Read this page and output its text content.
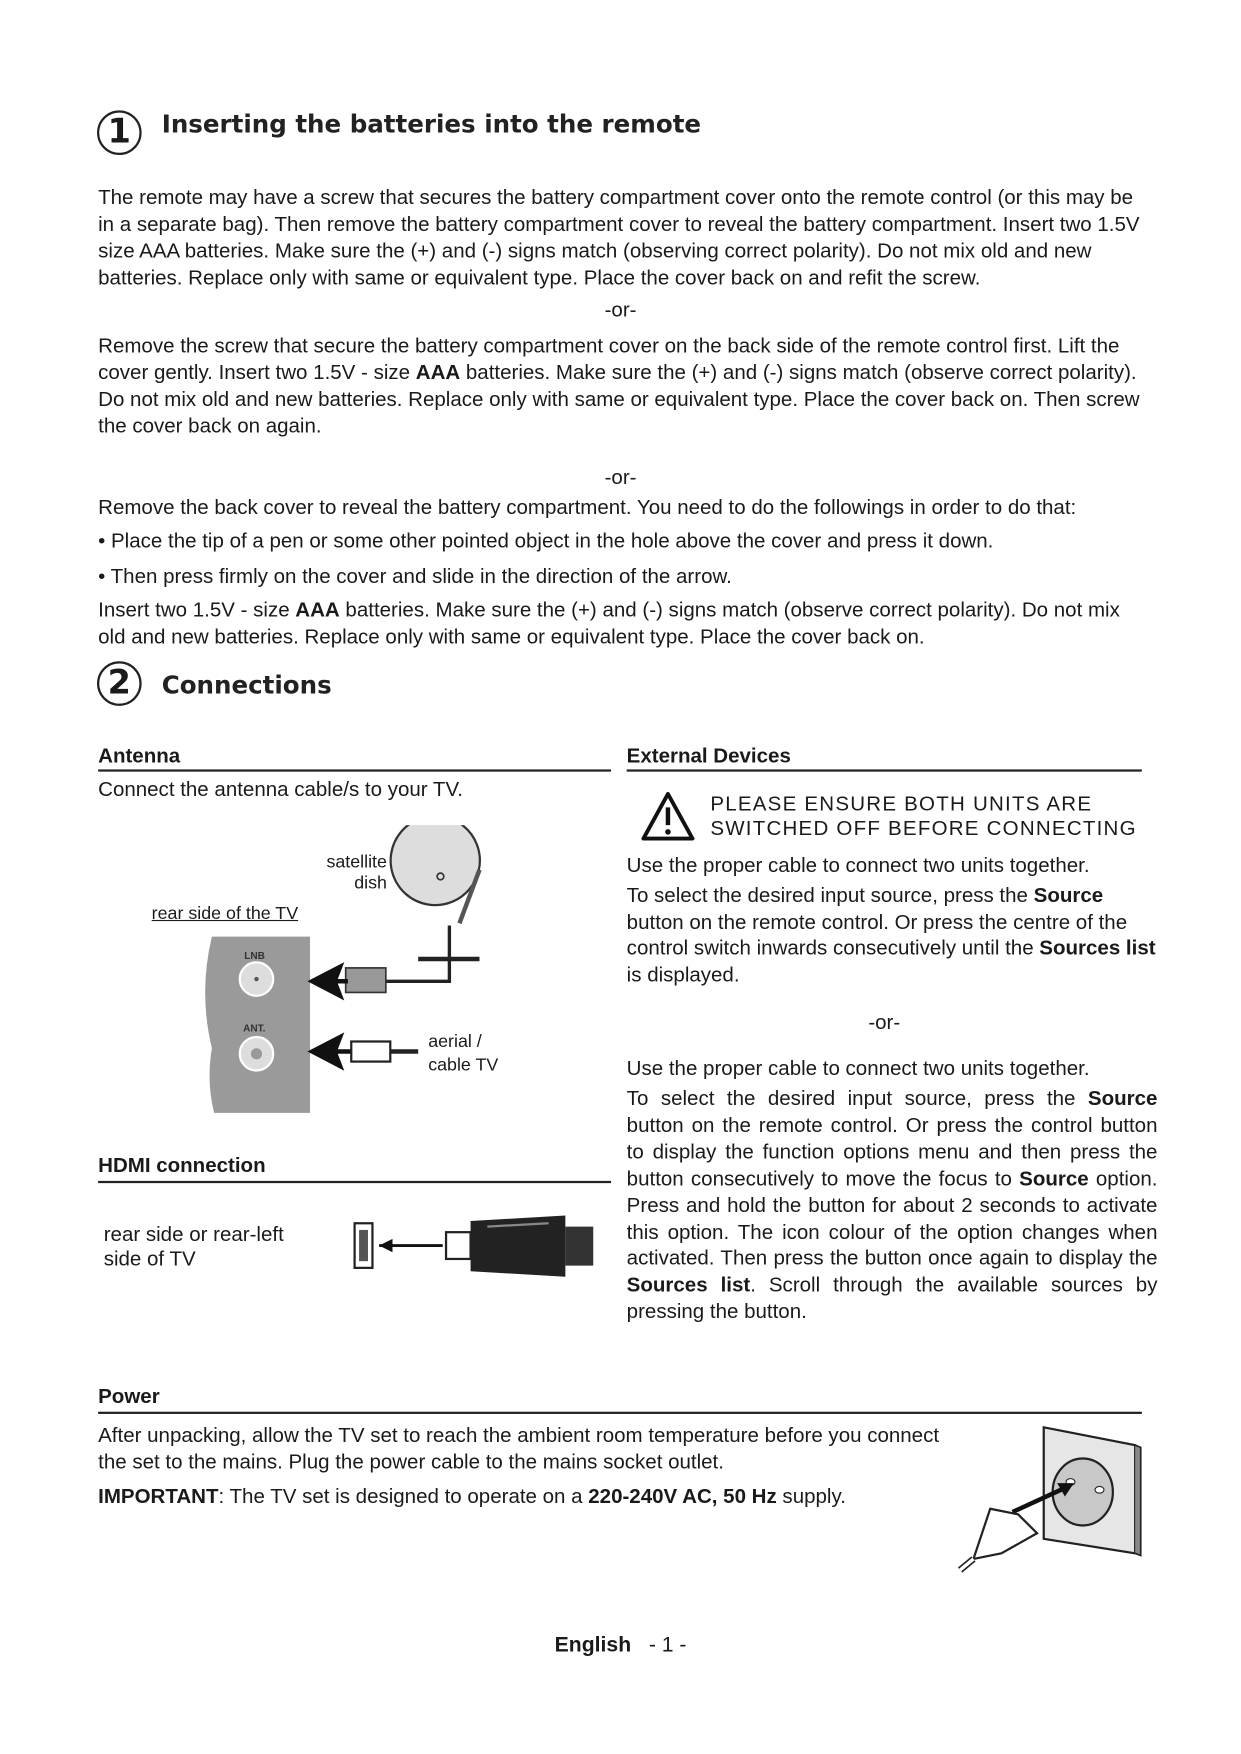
1	Inserting the batteries into the remote

The remote may have a screw that secures the battery compartment cover onto the remote control (or this may be in a separate bag). Then remove the battery compartment cover to reveal the battery compartment. Insert two 1.5V size AAA batteries. Make sure the (+) and (-) signs match (observing correct polarity). Do not mix old and new batteries. Replace only with same or equivalent type. Place the cover back on and refit the screw.

-or-

Remove the screw that secure the battery compartment cover on the back side of the remote control first. Lift the cover gently. Insert two 1.5V - size AAA batteries. Make sure the (+) and (-) signs match (observe correct polarity). Do not mix old and new batteries. Replace only with same or equivalent type. Place the cover back on. Then screw the cover back on again.

-or-

Remove the back cover to reveal the battery compartment. You need to do the followings in order to do that:

• Place the tip of a pen or some other pointed object in the hole above the cover and press it down.
• Then press firmly on the cover and slide in the direction of the arrow.

Insert two 1.5V - size AAA batteries. Make sure the (+) and (-) signs match (observe correct polarity). Do not mix old and new batteries. Replace only with same or equivalent type. Place the cover back on.

2	Connections
Antenna
Connect the antenna cable/s to your TV.
satellite
dish
rear side of the TV
LNB
ANT.
aerial /
cable TV
HDMI connection
rear side or rear-left
side of TV
External Devices
PLEASE ENSURE BOTH UNITS ARE
SWITCHED OFF BEFORE CONNECTING

Use the proper cable to connect two units together.

To select the desired input source, press the Source button on the remote control. Or press the centre of the control switch inwards consecutively until the Sources list is displayed.

-or-

Use the proper cable to connect two units together.

To select the desired input source, press the Source button on the remote control. Or press the control button to display the function options menu and then press the button consecutively to move the focus to Source option. Press and hold the button for about 2 seconds to activate this option. The icon colour of the option changes when activated. Then press the button once again to display the Sources list. Scroll through the available sources by pressing the button.

Power

After unpacking, allow the TV set to reach the ambient room temperature before you connect the set to the mains. Plug the power cable to the mains socket outlet.

IMPORTANT: The TV set is designed to operate on a 220-240V AC, 50 Hz supply.

English - 1 -
